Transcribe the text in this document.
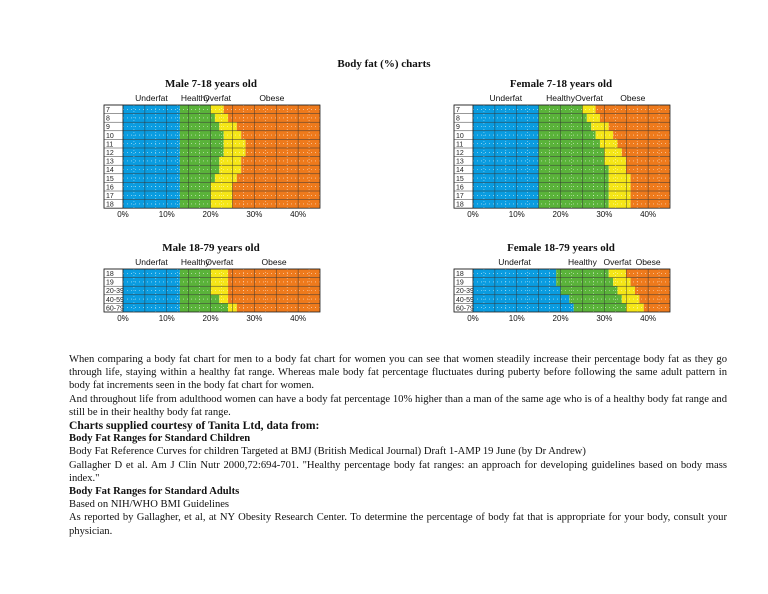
Body fat (%) charts
Male 7-18 years old
Underfat Healthy
Overfat	Obese
7
8
9
10
11
12
13
14
15
16
17
18
0%	10%	20%	30%	40%
Female 7-18 years old
Underfat	Healthy Overfat Obese
7
8
9
10
11
12
13
14
15
16
17
18
0%	10%	20%	30%	40%
Male 18-79 years old
Underfat Healthy
Overfat	Obese
18
19
20-39
40-59
60-79
0%	10%	20%	30%	40%
Female 18-79 years old
Underfat	Healthy Overfat Obese
18
19
20-39
40-59
60-79
0%	10%	20%	30%	40%

When comparing a body fat chart for men to a body fat chart for women you can see that women steadily increase their percentage body fat as they go through life, staying within a healthy fat range. Whereas male body fat percentage fluctuates during puberty before following the same adult pattern in body fat increments seen in the body fat chart for women.

And throughout life from adulthood women can have a body fat percentage 10% higher than a man of the same age who is of a healthy body fat range and still be in their healthy body fat range.

Charts supplied courtesy of Tanita Ltd, data from:

Body Fat Ranges for Standard Children

Body Fat Reference Curves for children Targeted at BMJ (British Medical Journal) Draft 1-AMP 19 June (by Dr Andrew)

Gallagher D et al. Am J Clin Nutr 2000,72:694-701. "Healthy percentage body fat ranges: an approach for developing guidelines based on body mass index."

Body Fat Ranges for Standard Adults

Based on NIH/WHO BMI Guidelines

As reported by Gallagher, et al, at NY Obesity Research Center. To determine the percentage of body fat that is appropriate for your body, consult your physician.
